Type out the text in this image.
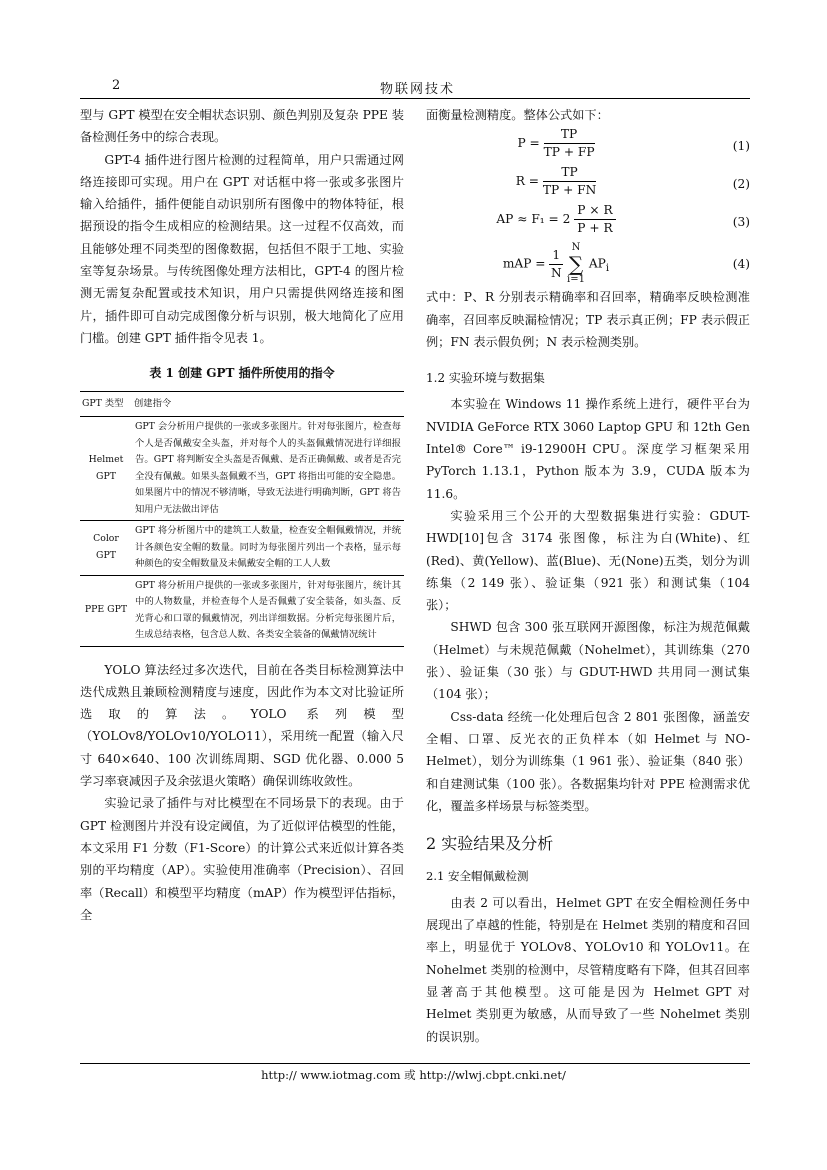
2	物联网技术

型与 GPT 模型在安全帽状态识别、颜色判别及复杂 PPE 装备检测任务中的综合表现。

GPT-4 插件进行图片检测的过程简单，用户只需通过网络连接即可实现。用户在 GPT 对话框中将一张或多张图片输入给插件，插件便能自动识别所有图像中的物体特征，根据预设的指令生成相应的检测结果。这一过程不仅高效，而且能够处理不同类型的图像数据，包括但不限于工地、实验室等复杂场景。与传统图像处理方法相比，GPT-4 的图片检测无需复杂配置或技术知识，用户只需提供网络连接和图片，插件即可自动完成图像分析与识别，极大地简化了应用门槛。创建 GPT 插件指令见表 1。

表 1 创建 GPT 插件所使用的指令
GPT 类型	创建指令
Helmet GPT	GPT 会分析用户提供的一张或多张图片。针对每张图片，检查每个人是否佩戴安全头盔，并对每个人的头盔佩戴情况进行详细报告。GPT 将判断安全头盔是否佩戴、是否正确佩戴、或者是否完全没有佩戴。如果头盔佩戴不当，GPT 将指出可能的安全隐患。如果图片中的情况不够清晰，导致无法进行明确判断，GPT 将告知用户无法做出评估
Color GPT	GPT 将分析图片中的建筑工人数量，检查安全帽佩戴情况，并统计各颜色安全帽的数量。同时为每张图片列出一个表格，显示每种颜色的安全帽数量及未佩戴安全帽的工人人数
PPE GPT	GPT 将分析用户提供的一张或多张图片，针对每张图片，统计其中的人物数量，并检查每个人是否佩戴了安全装备，如头盔、反光背心和口罩的佩戴情况，列出详细数据。分析完每张图片后，生成总结表格，包含总人数、各类安全装备的佩戴情况统计

YOLO 算法经过多次迭代，目前在各类目标检测算法中迭代成熟且兼顾检测精度与速度，因此作为本文对比验证所选取的算法。YOLO 系列模型（YOLOv8/YOLOv10/YOLO11），采用统一配置（输入尺寸 640×640、100 次训练周期、SGD 优化器、0.000 5 学习率衰减因子及余弦退火策略）确保训练收敛性。

实验记录了插件与对比模型在不同场景下的表现。由于 GPT 检测图片并没有设定阈值，为了近似评估模型的性能，本文采用 F1 分数（F1-Score）的计算公式来近似计算各类别的平均精度（AP）。实验使用准确率（Precision）、召回率（Recall）和模型平均精度（mAP）作为模型评估指标，全

面衡量检测精度。整体公式如下：

$P = \frac{TP}{TP + FP}$	(1)
$R = \frac{TP}{TP + FN}$	(2)
AP ≈ $F_1 = 2 \frac{P \times R}{P + R}$	(3)
mAP = $\frac{1}{N}$
N
∑
i=1
$AP_i$	(4)

式中：P、R 分别表示精确率和召回率，精确率反映检测准确率，召回率反映漏检情况；TP 表示真正例；FP 表示假正例；FN 表示假负例；N 表示检测类别。

1.2 实验环境与数据集

本实验在 Windows 11 操作系统上进行，硬件平台为 NVIDIA GeForce RTX 3060 Laptop GPU 和 12th Gen Intel® Core™ i9-12900H CPU。深度学习框架采用 PyTorch 1.13.1，Python 版本为 3.9，CUDA 版本为 11.6。

实验采用三个公开的大型数据集进行实验：GDUT-HWD[10]包含 3174 张图像，标注为白(White)、红(Red)、黄(Yellow)、蓝(Blue)、无(None)五类，划分为训练集（2 149 张）、验证集（921 张）和测试集（104 张）；

SHWD 包含 300 张互联网开源图像，标注为规范佩戴（Helmet）与未规范佩戴（Nohelmet），其训练集（270 张）、验证集（30 张）与 GDUT-HWD 共用同一测试集（104 张）；

Css-data 经统一化处理后包含 2 801 张图像，涵盖安全帽、口罩、反光衣的正负样本（如 Helmet 与 NO-Helmet），划分为训练集（1 961 张）、验证集（840 张）和自建测试集（100 张）。各数据集均针对 PPE 检测需求优化，覆盖多样场景与标签类型。

2 实验结果及分析
2.1 安全帽佩戴检测

由表 2 可以看出，Helmet GPT 在安全帽检测任务中展现出了卓越的性能，特别是在 Helmet 类别的精度和召回率上，明显优于 YOLOv8、YOLOv10 和 YOLOv11。在 Nohelmet 类别的检测中，尽管精度略有下降，但其召回率显著高于其他模型。这可能是因为 Helmet GPT 对 Helmet 类别更为敏感，从而导致了一些 Nohelmet 类别的误识别。

http:// www.iotmag.com 或 http://wlwj.cbpt.cnki.net/
